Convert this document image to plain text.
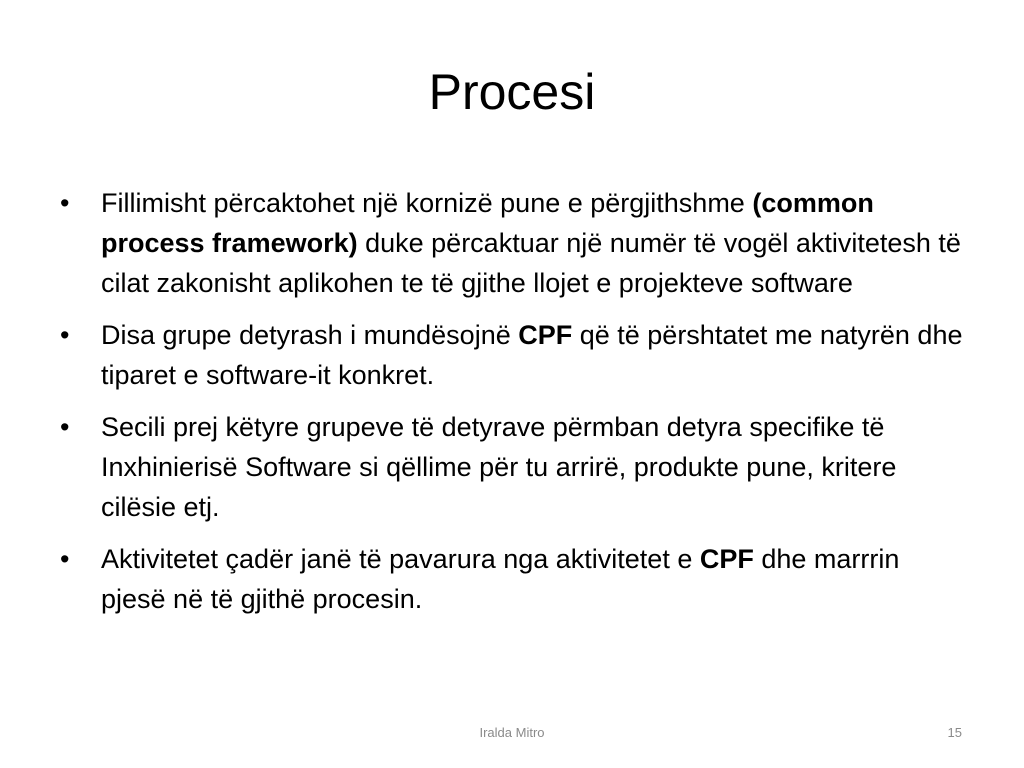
Procesi
•	Fillimisht përcaktohet një kornizë pune e përgjithshme (common process framework) duke përcaktuar një numër të vogël aktivitetesh të cilat zakonisht aplikohen te të gjithe llojet e projekteve software
•	Disa grupe detyrash i mundësojnë CPF që të përshtatet me natyrën dhe tiparet e software-it konkret.
•	Secili prej këtyre grupeve të detyrave përmban detyra specifike të Inxhinierisë Software si qëllime për tu arrirë, produkte pune, kritere cilësie etj.
•	Aktivitetet çadër janë të pavarura nga aktivitetet e CPF dhe marrrin pjesë në të gjithë procesin.
Iralda Mitro	15
